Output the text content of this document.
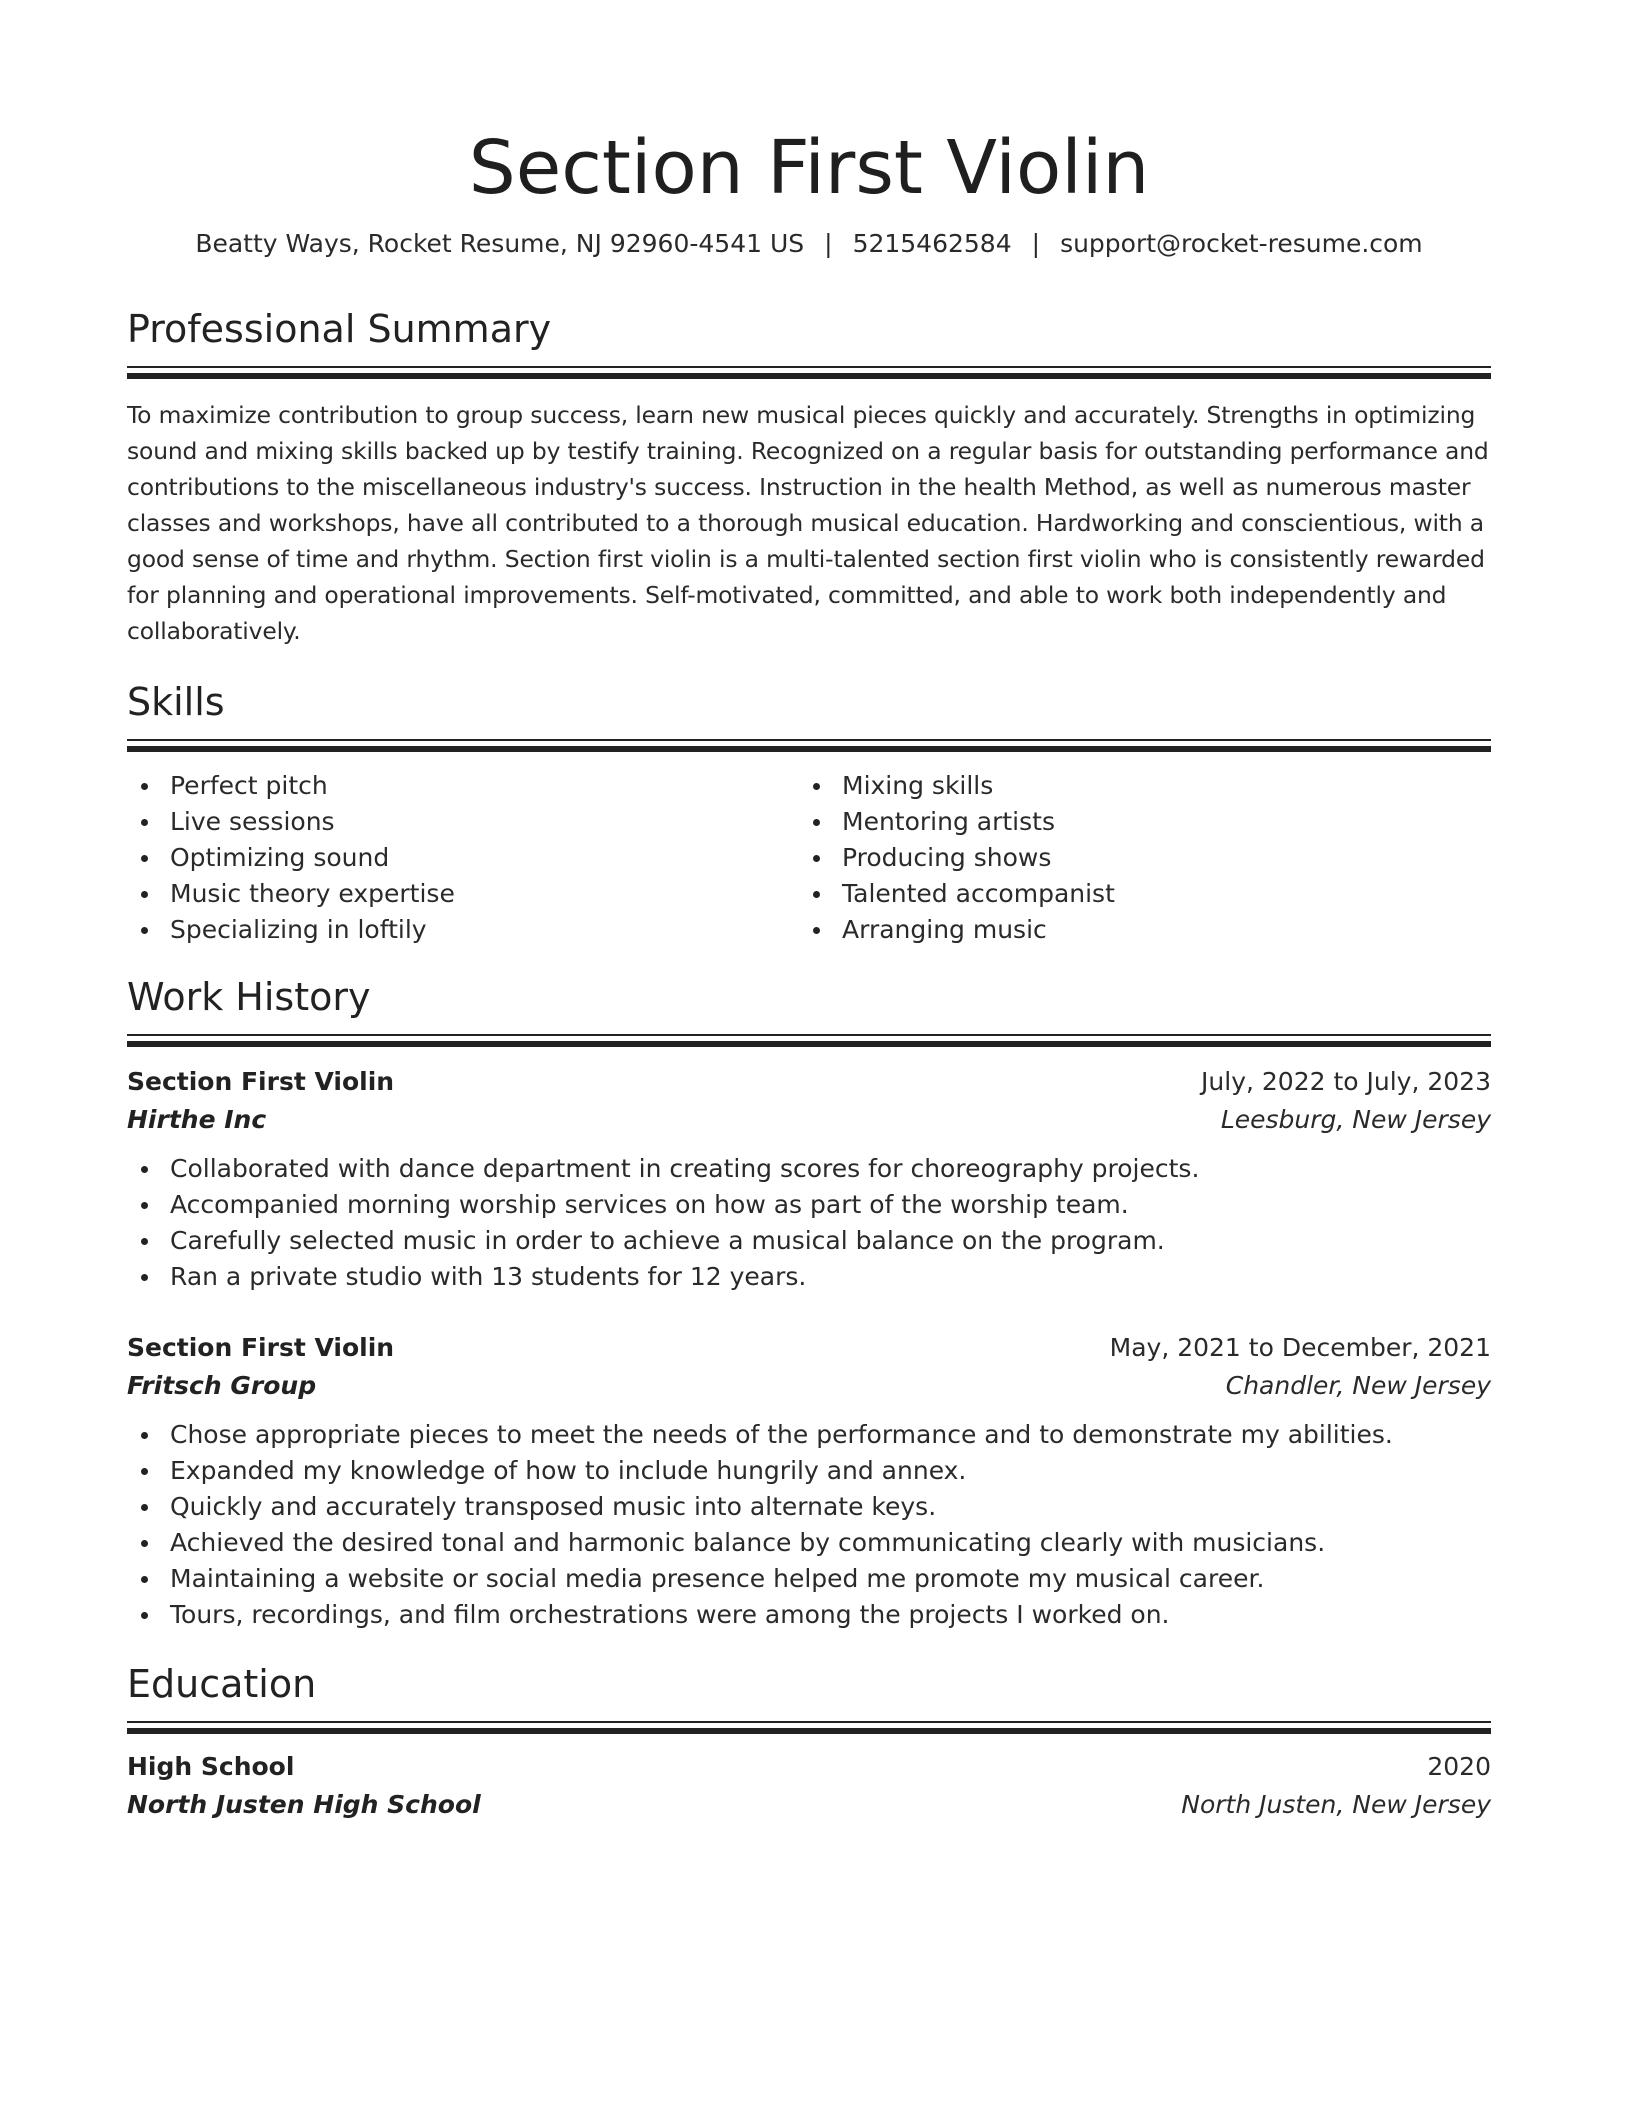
Section First Violin
Beatty Ways, Rocket Resume, NJ 92960-4541 US | 5215462584 | support@rocket-resume.com
Professional Summary
To maximize contribution to group success, learn new musical pieces quickly and accurately. Strengths in optimizing sound and mixing skills backed up by testify training. Recognized on a regular basis for outstanding performance and contributions to the miscellaneous industry's success. Instruction in the health Method, as well as numerous master classes and workshops, have all contributed to a thorough musical education. Hardworking and conscientious, with a good sense of time and rhythm. Section first violin is a multi-talented section first violin who is consistently rewarded for planning and operational improvements. Self-motivated, committed, and able to work both independently and collaboratively.
Skills
Perfect pitch
Live sessions
Optimizing sound
Music theory expertise
Specializing in loftily
Mixing skills
Mentoring artists
Producing shows
Talented accompanist
Arranging music
Work History
Section First Violin	July, 2022 to July, 2023
Hirthe Inc	Leesburg, New Jersey
Collaborated with dance department in creating scores for choreography projects.
Accompanied morning worship services on how as part of the worship team.
Carefully selected music in order to achieve a musical balance on the program.
Ran a private studio with 13 students for 12 years.
Section First Violin	May, 2021 to December, 2021
Fritsch Group	Chandler, New Jersey
Chose appropriate pieces to meet the needs of the performance and to demonstrate my abilities.
Expanded my knowledge of how to include hungrily and annex.
Quickly and accurately transposed music into alternate keys.
Achieved the desired tonal and harmonic balance by communicating clearly with musicians.
Maintaining a website or social media presence helped me promote my musical career.
Tours, recordings, and film orchestrations were among the projects I worked on.
Education
High School	2020
North Justen High School	North Justen, New Jersey
